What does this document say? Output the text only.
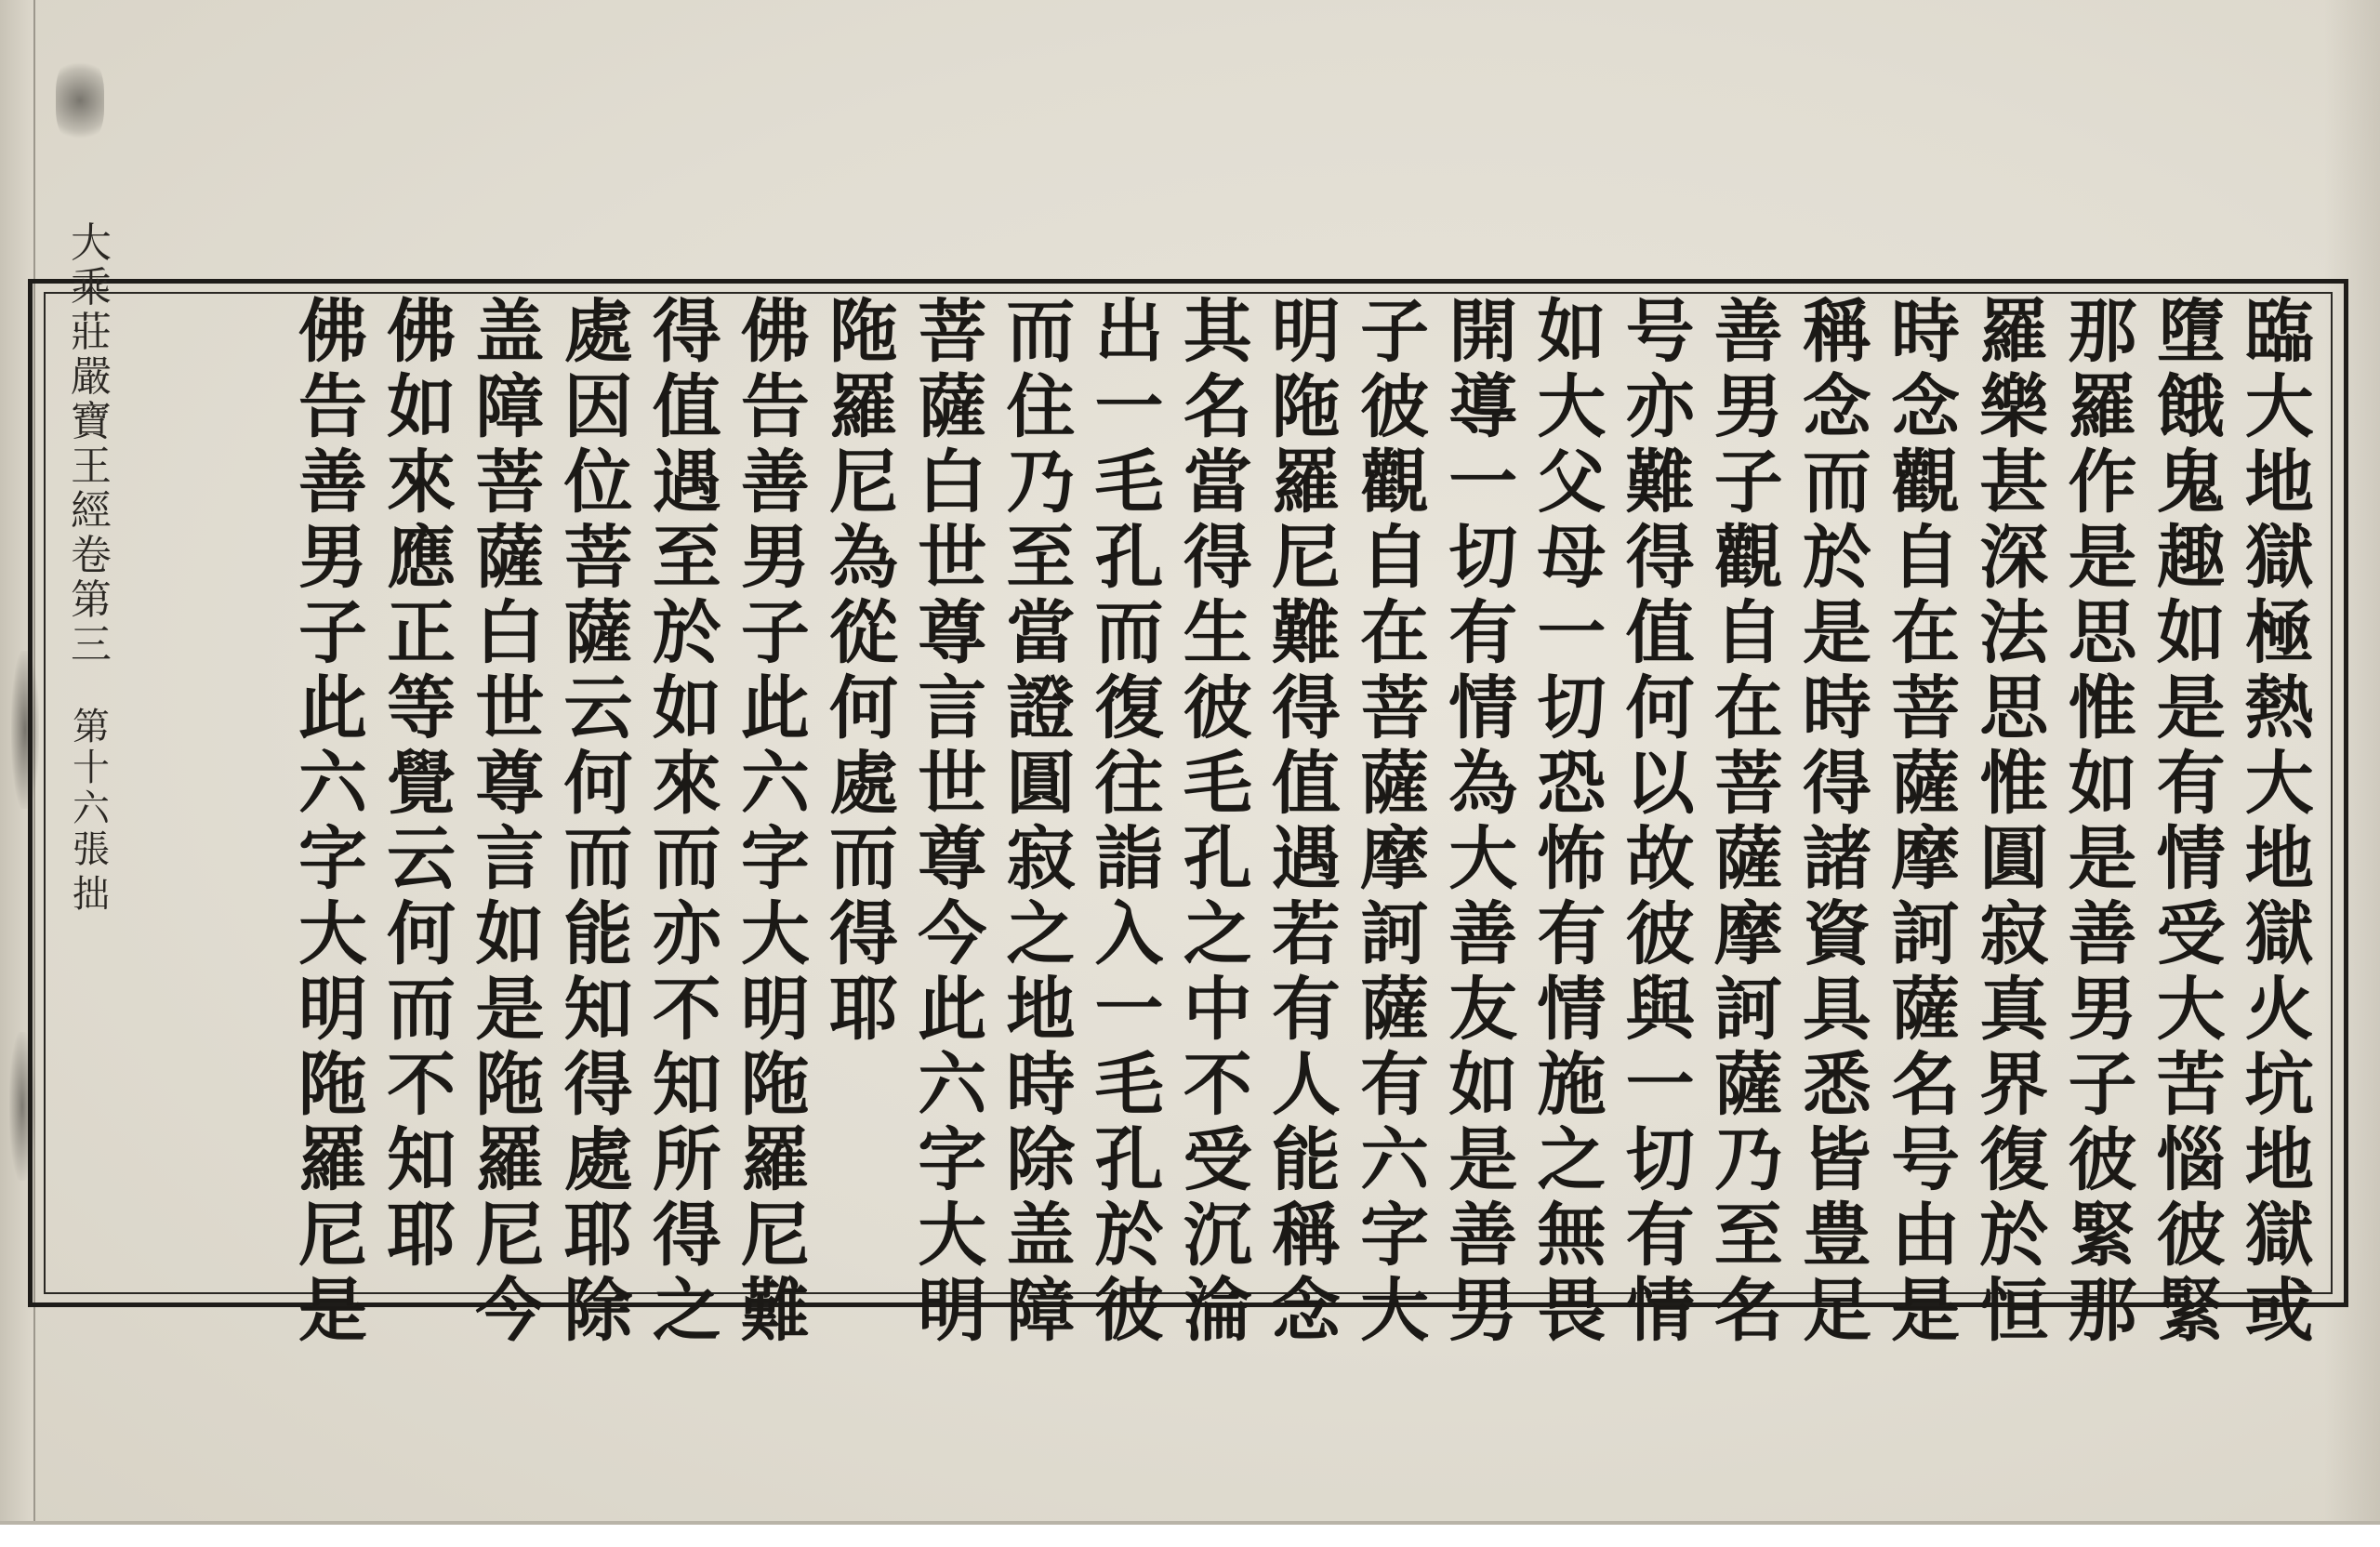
臨
大
地
獄
極
熱
大
地
獄
火
坑
地
獄
或
墮
餓
鬼
趣
如
是
有
情
受
大
苦
惱
彼
緊
那
羅
作
是
思
惟
如
是
善
男
子
彼
緊
那
羅
樂
甚
深
法
思
惟
圓
寂
真
界
復
於
恒
時
念
觀
自
在
菩
薩
摩
訶
薩
名
号
由
是
稱
念
而
於
是
時
得
諸
資
具
悉
皆
豊
足
善
男
子
觀
自
在
菩
薩
摩
訶
薩
乃
至
名
号
亦
難
得
值
何
以
故
彼
與
一
切
有
情
如
大
父
母
一
切
恐
怖
有
情
施
之
無
畏
開
導
一
切
有
情
為
大
善
友
如
是
善
男
子
彼
觀
自
在
菩
薩
摩
訶
薩
有
六
字
大
明
陁
羅
尼
難
得
值
遇
若
有
人
能
稱
念
其
名
當
得
生
彼
毛
孔
之
中
不
受
沉
淪
出
一
毛
孔
而
復
往
詣
入
一
毛
孔
於
彼
而
住
乃
至
當
證
圓
寂
之
地
時
除
盖
障
菩
薩
白
世
尊
言
世
尊
今
此
六
字
大
明
陁
羅
尼
為
從
何
處
而
得
耶
佛
告
善
男
子
此
六
字
大
明
陁
羅
尼
難
得
值
遇
至
於
如
來
而
亦
不
知
所
得
之
處
因
位
菩
薩
云
何
而
能
知
得
處
耶
除
盖
障
菩
薩
白
世
尊
言
如
是
陁
羅
尼
今
佛
如
來
應
正
等
覺
云
何
而
不
知
耶
佛
告
善
男
子
此
六
字
大
明
陁
羅
尼
是
大
乘
莊
嚴
寶
王
經
卷
第
三
第
十
六
張
拙
